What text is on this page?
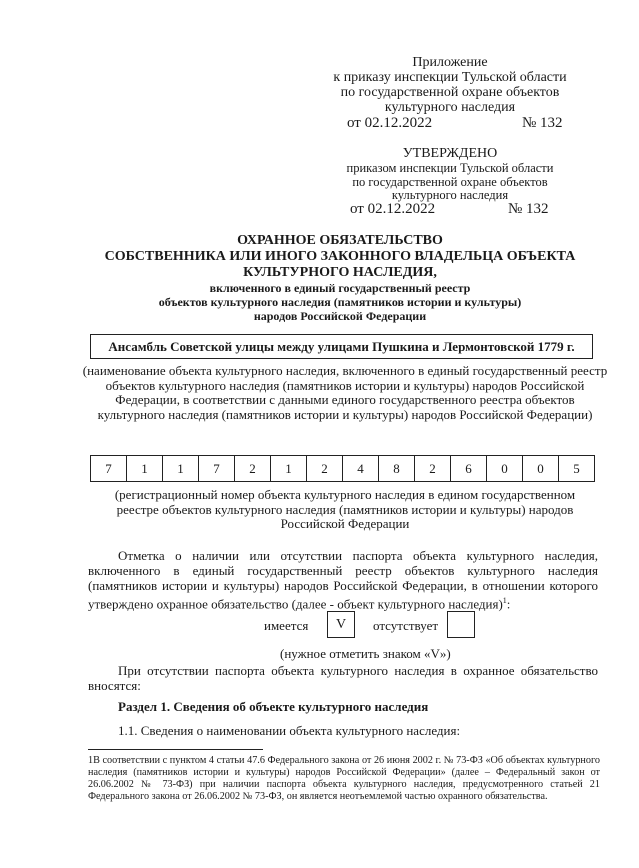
Приложение
к приказу инспекции Тульской области
по государственной охране объектов
культурного наследия
от 02.12.2022	№ 132
УТВЕРЖДЕНО
приказом инспекции Тульской области
по государственной охране объектов
культурного наследия
от 02.12.2022	№ 132
ОХРАННОЕ ОБЯЗАТЕЛЬСТВО
СОБСТВЕННИКА ИЛИ ИНОГО ЗАКОННОГО ВЛАДЕЛЬЦА ОБЪЕКТА
КУЛЬТУРНОГО НАСЛЕДИЯ,
включенного в единый государственный реестр
объектов культурного наследия (памятников истории и культуры)
народов Российской Федерации
Ансамбль Советской улицы между улицами Пушкина и Лермонтовской 1779 г.
(наименование объекта культурного наследия, включенного в единый государственный реестр объектов культурного наследия (памятников истории и культуры) народов Российской Федерации, в соответствии с данными единого государственного реестра объектов культурного наследия (памятников истории и культуры) народов Российской Федерации)
7	1	1	7	2	1	2	4	8	2	6	0	0	5
(регистрационный номер объекта культурного наследия в едином государственном реестре объектов культурного наследия (памятников истории и культуры) народов Российской Федерации
Отметка о наличии или отсутствии паспорта объекта культурного наследия, включенного в единый государственный реестр объектов культурного наследия (памятников истории и культуры) народов Российской Федерации, в отношении которого утверждено охранное обязательство (далее - объект культурного наследия)$^1$:
имеется	V	отсутствует
(нужное отметить знаком «V»)
При отсутствии паспорта объекта культурного наследия в охранное обязательство вносятся:
Раздел 1. Сведения об объекте культурного наследия
1.1. Сведения о наименовании объекта культурного наследия:
1В соответствии с пунктом 4 статьи 47.6 Федерального закона от 26 июня 2002 г. № 73-ФЗ «Об объектах культурного наследия (памятников истории и культуры) народов Российской Федерации» (далее – Федеральный закон от 26.06.2002 № 73-ФЗ) при наличии паспорта объекта культурного наследия, предусмотренного статьей 21 Федерального закона от 26.06.2002 № 73-ФЗ, он является неотъемлемой частью охранного обязательства.
